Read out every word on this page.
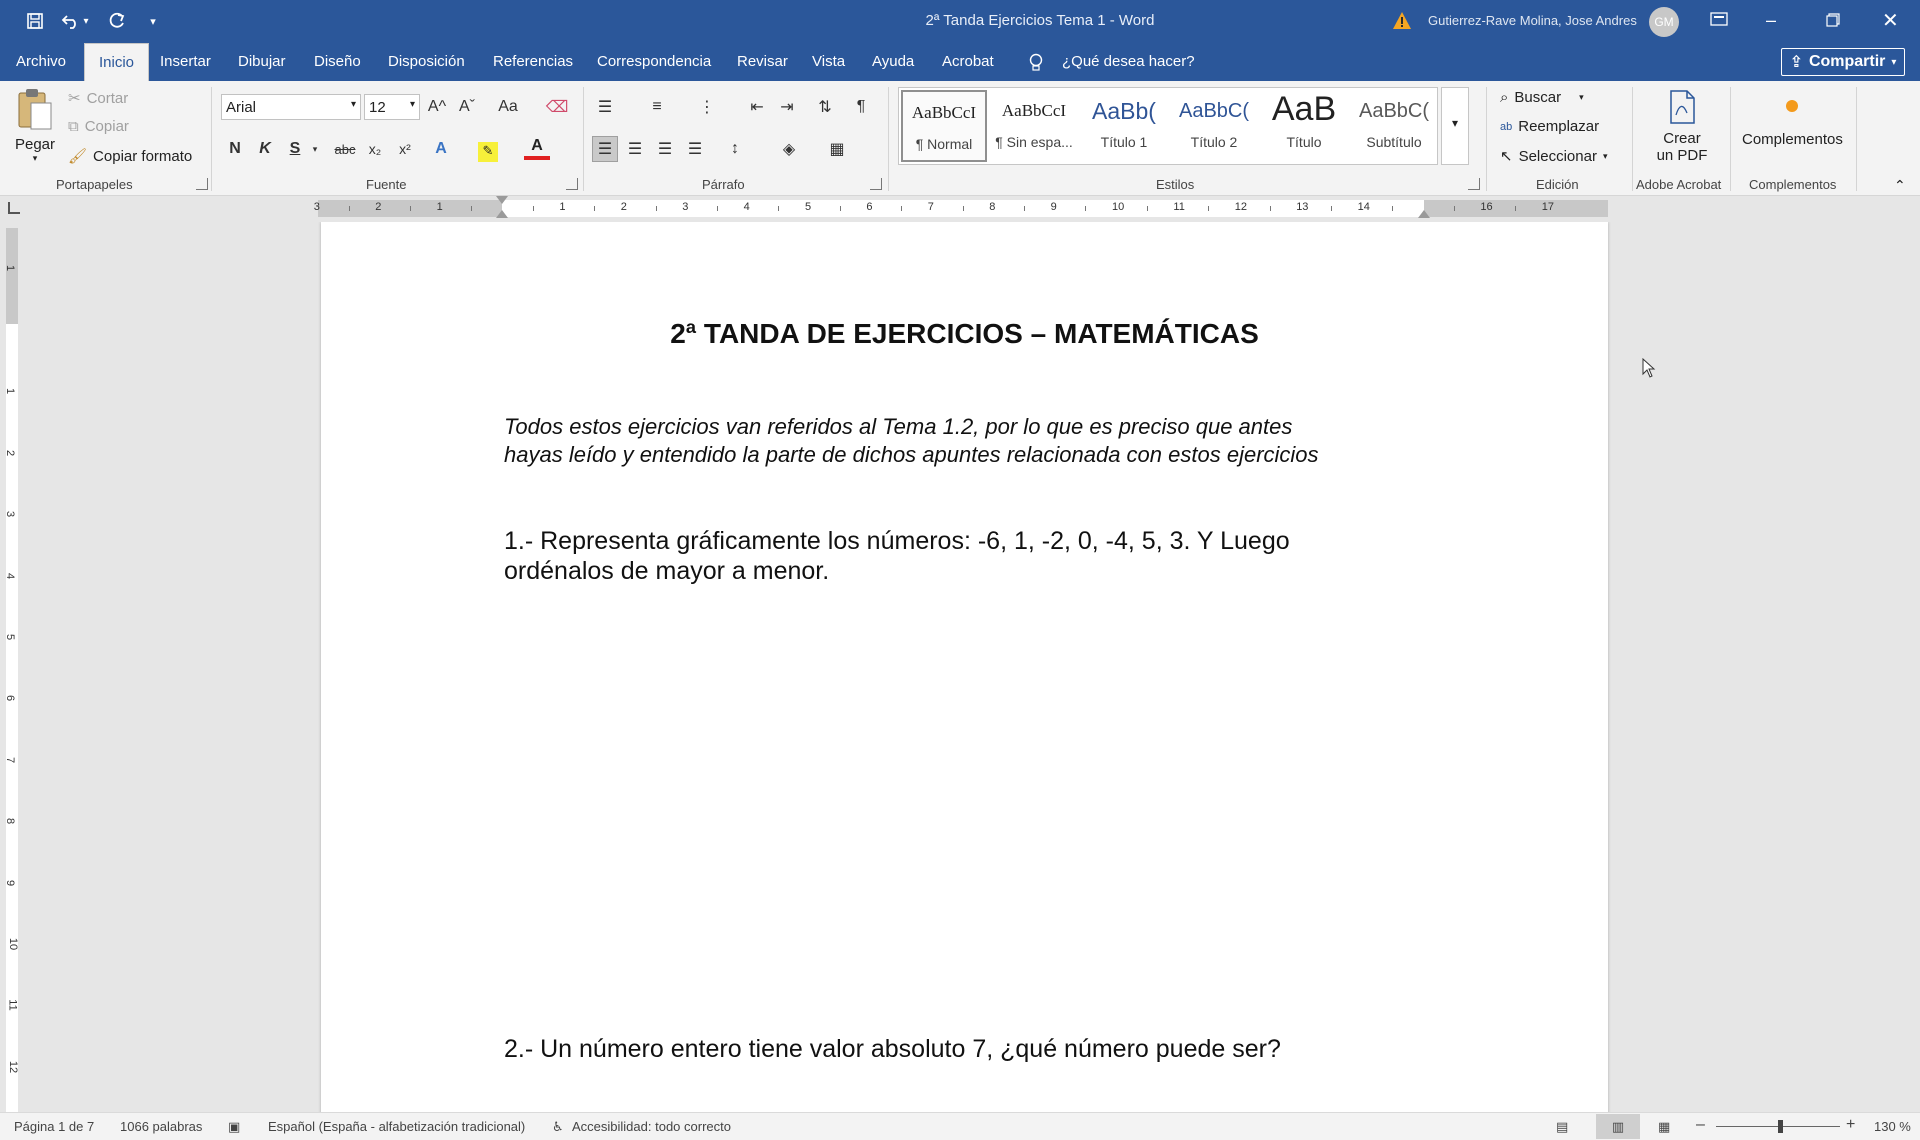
▾	▾	2ª Tanda Ejercicios Tema 1 - Word	Gutierrez-Rave Molina, Jose Andres	GM	–	✕
Archivo	Inicio	Insertar Dibujar Diseño Disposición Referencias Correspondencia Revisar Vista Ayuda Acrobat	¿Qué desea hacer?	⇪ Compartir ▾
Pegar
▾
✂ Cortar
⧉ Copiar
🖌 Copiar formato
Portapapeles
Arial	▾ 12 ▾ A^ Aˇ	Aa	⌫
N	K	S	▾	abc x₂	x²	A	✎	A
Fuente
☰	≡	⋮	⇤	⇥	⇅	¶
☰ ☰ ☰ ☰	↕	◈	▦
Párrafo
AaBbCcI
¶ Normal
AaBbCcI
¶ Sin espa...
AaBb(
Título 1
AaBbC(
Título 2
AaB
Título
AaBbC(
Subtítulo
▾
Estilos
⌕ Buscar ▾
ab Reemplazar
↖ Seleccionar ▾
Edición
Crear
un PDF
Adobe Acrobat
Complementos
Complementos	⌃
3	2	1	1	2	3	4	5	6	7	8	9	10	11	12	13	14	16	17
1
1
2
3
4
5
6
7
8
9
10
11
12
2ª TANDA DE EJERCICIOS – MATEMÁTICAS
Todos estos ejercicios van referidos al Tema 1.2, por lo que es preciso que antes
hayas leído y entendido la parte de dichos apuntes relacionada con estos ejercicios
1.- Representa gráficamente los números: -6, 1, -2, 0, -4, 5, 3. Y Luego
ordénalos de mayor a menor.
2.- Un número entero tiene valor absoluto 7, ¿qué número puede ser?
Página 1 de 7 1066 palabras ▣ Español (España - alfabetización tradicional) ♿ Accesibilidad: todo correcto	▤	▥	▦ –	+ 130 %
